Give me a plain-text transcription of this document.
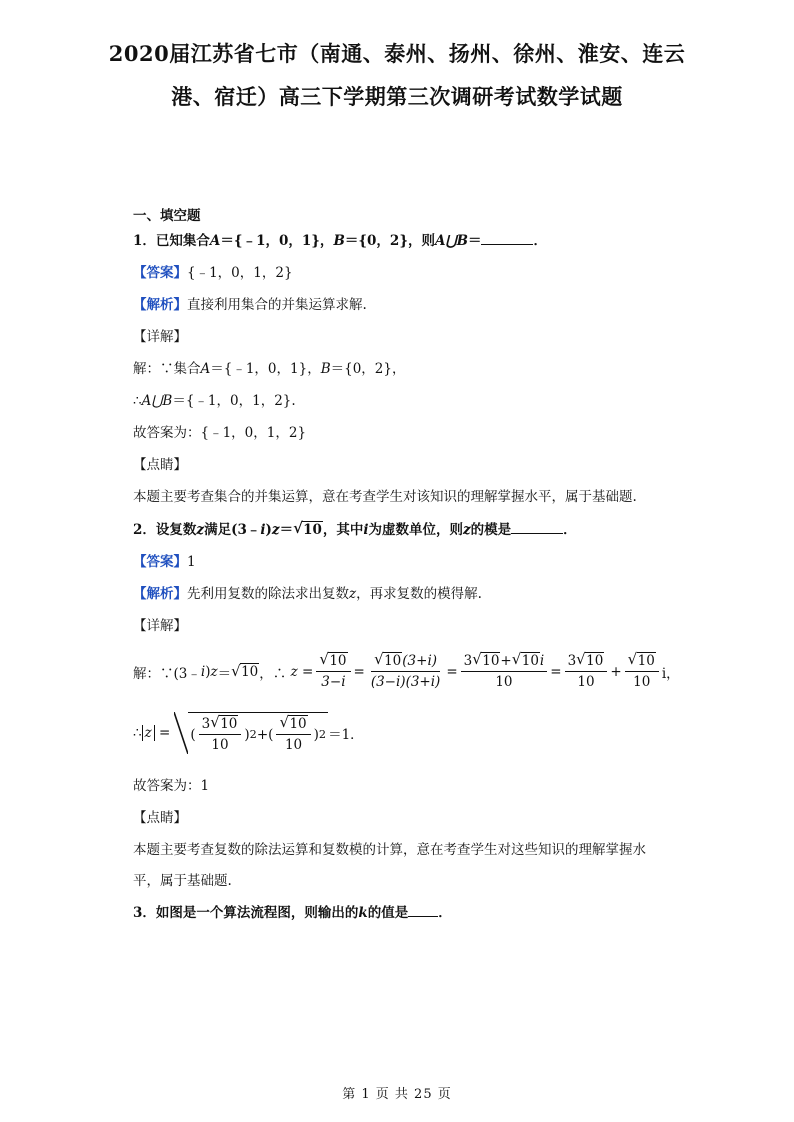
2020届江苏省七市（南通、泰州、扬州、徐州、淮安、连云
港、宿迁）高三下学期第三次调研考试数学试题
一、填空题
1．已知集合A＝{﹣1，0，1}，B＝{0，2}，则A⋃B＝	．
【答案】{﹣1，0，1，2}
【解析】直接利用集合的并集运算求解.
【详解】
解：∵集合A＝{﹣1，0，1}，B＝{0，2}，
∴A⋃B＝{﹣1，0，1，2}.
故答案为：{﹣1，0，1，2}
【点睛】
本题主要考查集合的并集运算，意在考查学生对该知识的理解掌握水平，属于基础题.
2．设复数z满足(3﹣i)z＝ √ 10，其中i为虚数单位，则z的模是	．
【答案】1
【解析】先利用复数的除法求出复数z，再求复数的模得解.
【详解】
解：∵(3﹣ i ) z ＝ √ 10 ，∴
z = √ $\frac{10}{3-i}$ = √ $\frac{10(3+i)}{(3-i)(3+i)} = \frac{3 √ 10+ √ 10i}{10} = \frac{3 √ 10}{10}$ + √ $\frac{10}{10}$ i，
∴ z = ( $\frac{3 √ 10}{10}$ ) 2 +( √ $\frac{10}{10}$ ) 2 ＝1．
故答案为：1
【点睛】
本题主要考查复数的除法运算和复数模的计算，意在考查学生对这些知识的理解掌握水
平，属于基础题.
3．如图是一个算法流程图，则输出的k的值是 ．
第 1 页 共 25 页
